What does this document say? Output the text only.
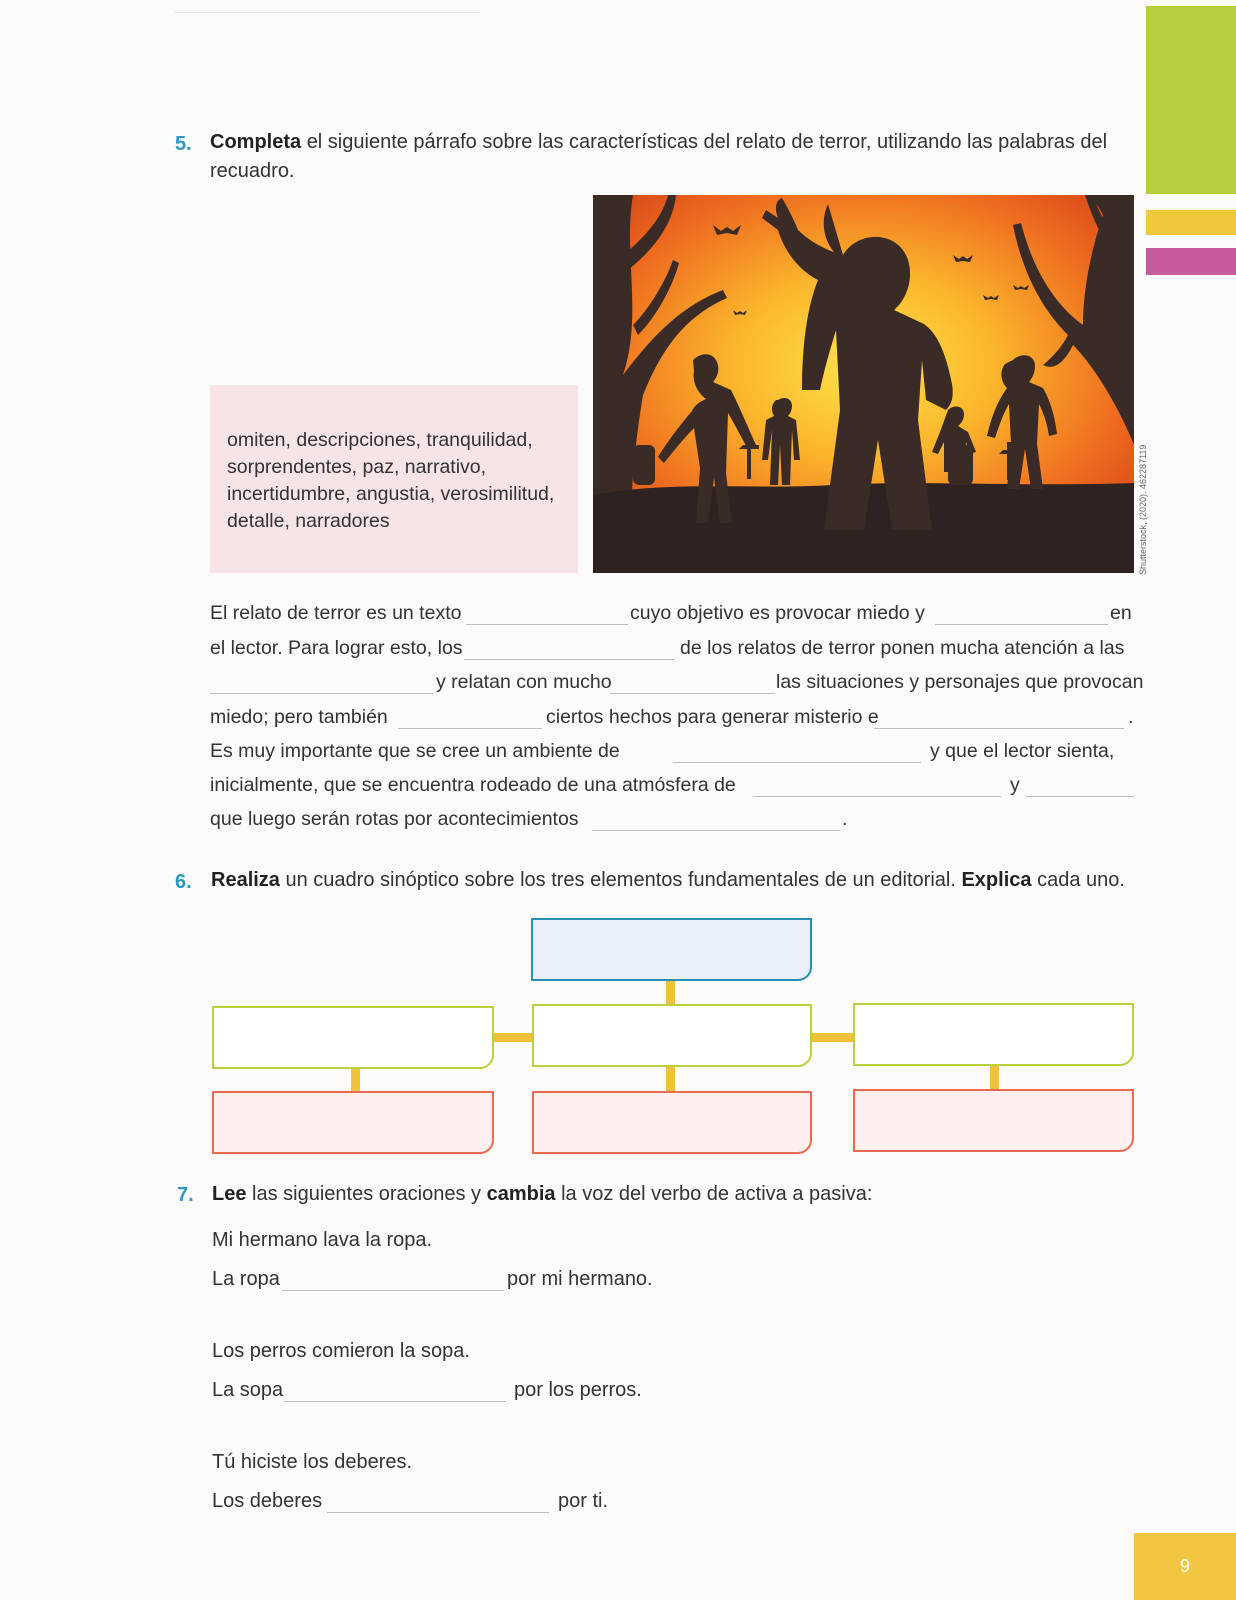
5. Completa el siguiente párrafo sobre las características del relato de terror, utilizando las palabras del
recuadro.
omiten, descripciones, tranquilidad, sorprendentes, paz, narrativo, incertidumbre, angustia, verosimilitud, detalle, narradores	Shutterstock, (2020). 462287119
El relato de terror es un texto	cuyo objetivo es provocar miedo y	en
el lector. Para lograr esto, los	de los relatos de terror ponen mucha atención a las
y relatan con mucho	las situaciones y personajes que provocan
miedo; pero también	ciertos hechos para generar misterio e	.
Es muy importante que se cree un ambiente de	y que el lector sienta,
inicialmente, que se encuentra rodeado de una atmósfera de	y
que luego serán rotas por acontecimientos	.
6. Realiza un cuadro sinóptico sobre los tres elementos fundamentales de un editorial. Explica cada uno.
7. Lee las siguientes oraciones y cambia la voz del verbo de activa a pasiva:
Mi hermano lava la ropa.
La ropa	por mi hermano.
Los perros comieron la sopa.
La sopa	por los perros.
Tú hiciste los deberes.
Los deberes	por ti.
9
